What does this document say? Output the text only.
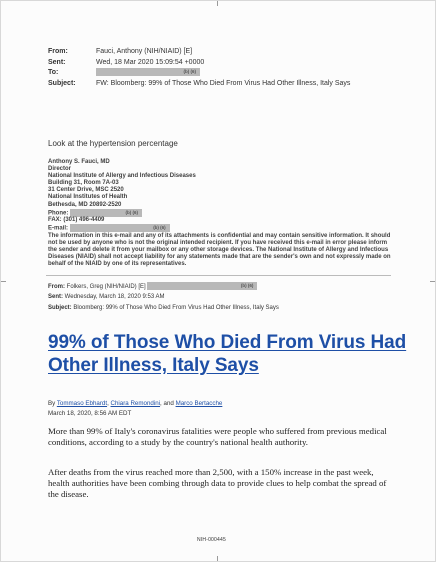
From:	Fauci, Anthony (NIH/NIAID) [E]
Sent:	Wed, 18 Mar 2020 15:09:54 +0000
To:	(b) (6)
Subject:	FW: Bloomberg: 99% of Those Who Died From Virus Had Other Illness, Italy Says
Look at the hypertension percentage
Anthony S. Fauci, MD
Director
National Institute of Allergy and Infectious Diseases
Building 31, Room 7A-03
31 Center Drive, MSC 2520
National Institutes of Health
Bethesda, MD 20892-2520
Phone:	(b) (6)
FAX: (301) 496-4409
E-mail:	(b) (6)
The information in this e-mail and any of its attachments is confidential and may contain sensitive information. It should not be used by anyone who is not the original intended recipient. If you have received this e-mail in error please inform the sender and delete it from your mailbox or any other storage devices. The National Institute of Allergy and Infectious Diseases (NIAID) shall not accept liability for any statements made that are the sender's own and not expressly made on behalf of the NIAID by one of its representatives.
From: Folkers, Greg (NIH/NIAID) [E]	(b) (6)
Sent: Wednesday, March 18, 2020 9:53 AM
Subject: Bloomberg: 99% of Those Who Died From Virus Had Other Illness, Italy Says
99% of Those Who Died From Virus Had Other Illness, Italy Says
By Tommaso Ebhardt, Chiara Remondini, and Marco Bertacche
March 18, 2020, 8:56 AM EDT
More than 99% of Italy's coronavirus fatalities were people who suffered from previous medical conditions, according to a study by the country's national health authority.
After deaths from the virus reached more than 2,500, with a 150% increase in the past week, health authorities have been combing through data to provide clues to help combat the spread of the disease.
NIH-000445
